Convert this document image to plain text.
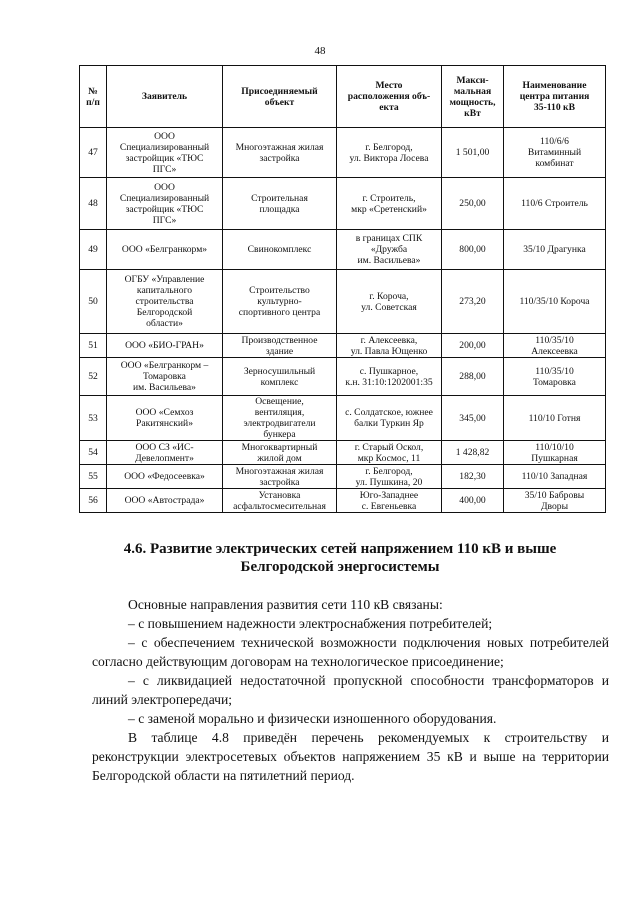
48
№
п/п	Заявитель	Присоединяемый
объект	Место
расположения объ-
екта	Макси-
мальная
мощность,
кВт	Наименование
центра питания
35-110 кВ

47	ООО
Специализированный
застройщик «ТЮС
ПГС»	Многоэтажная жилая
застройка	г. Белгород,
ул. Виктора Лосева	1 501,00	110/6/6
Витаминный
комбинат

48	ООО
Специализированный
застройщик «ТЮС
ПГС»	Строительная
площадка	г. Строитель,
мкр «Сретенский»	250,00	110/6 Строитель

49	ООО «Белгранкорм»	Свинокомплекс	в границах СПК
«Дружба
им. Васильева»	800,00	35/10 Драгунка

50	ОГБУ «Управление
капитального
строительства
Белгородской
области»	Строительство
культурно-
спортивного центра	г. Короча,
ул. Советская	273,20	110/35/10 Короча

51	ООО «БИО-ГРАН»	Производственное
здание	г. Алексеевка,
ул. Павла Ющенко	200,00	110/35/10
Алексеевка

52	ООО «Белгранкорм –
Томаровка
им. Васильева»	Зерносушильный
комплекс	с. Пушкарное,
к.н. 31:10:1202001:35	288,00	110/35/10
Томаровка

53	ООО «Семхоз
Ракитянский»	Освещение,
вентиляция,
электродвигатели
бункера	с. Солдатское, южнее
балки Туркин Яр	345,00	110/10 Готня

54	ООО СЗ «ИС-
Девелопмент»	Многоквартирный
жилой дом	г. Старый Оскол,
мкр Космос, 11	1 428,82	110/10/10
Пушкарная

55	ООО «Федосеевка»	Многоэтажная жилая
застройка	г. Белгород,
ул. Пушкина, 20	182,30	110/10 Западная

56	ООО «Автострада»	Установка
асфальтосмесительная	Юго-Западнее
с. Евгеньевка	400,00	35/10 Бабровы
Дворы
4.6. Развитие электрических сетей напряжением 110 кВ и выше
Белгородской энергосистемы

Основные направления развития сети 110 кВ связаны:

– с повышением надежности электроснабжения потребителей;

– с обеспечением технической возможности подключения новых потребителей согласно действующим договорам на технологическое присоединение;

– с ликвидацией недостаточной пропускной способности трансформаторов и линий электропередачи;

– с заменой морально и физически изношенного оборудования.

В таблице 4.8 приведён перечень рекомендуемых к строительству и реконструкции электросетевых объектов напряжением 35 кВ и выше на территории Белгородской области на пятилетний период.
